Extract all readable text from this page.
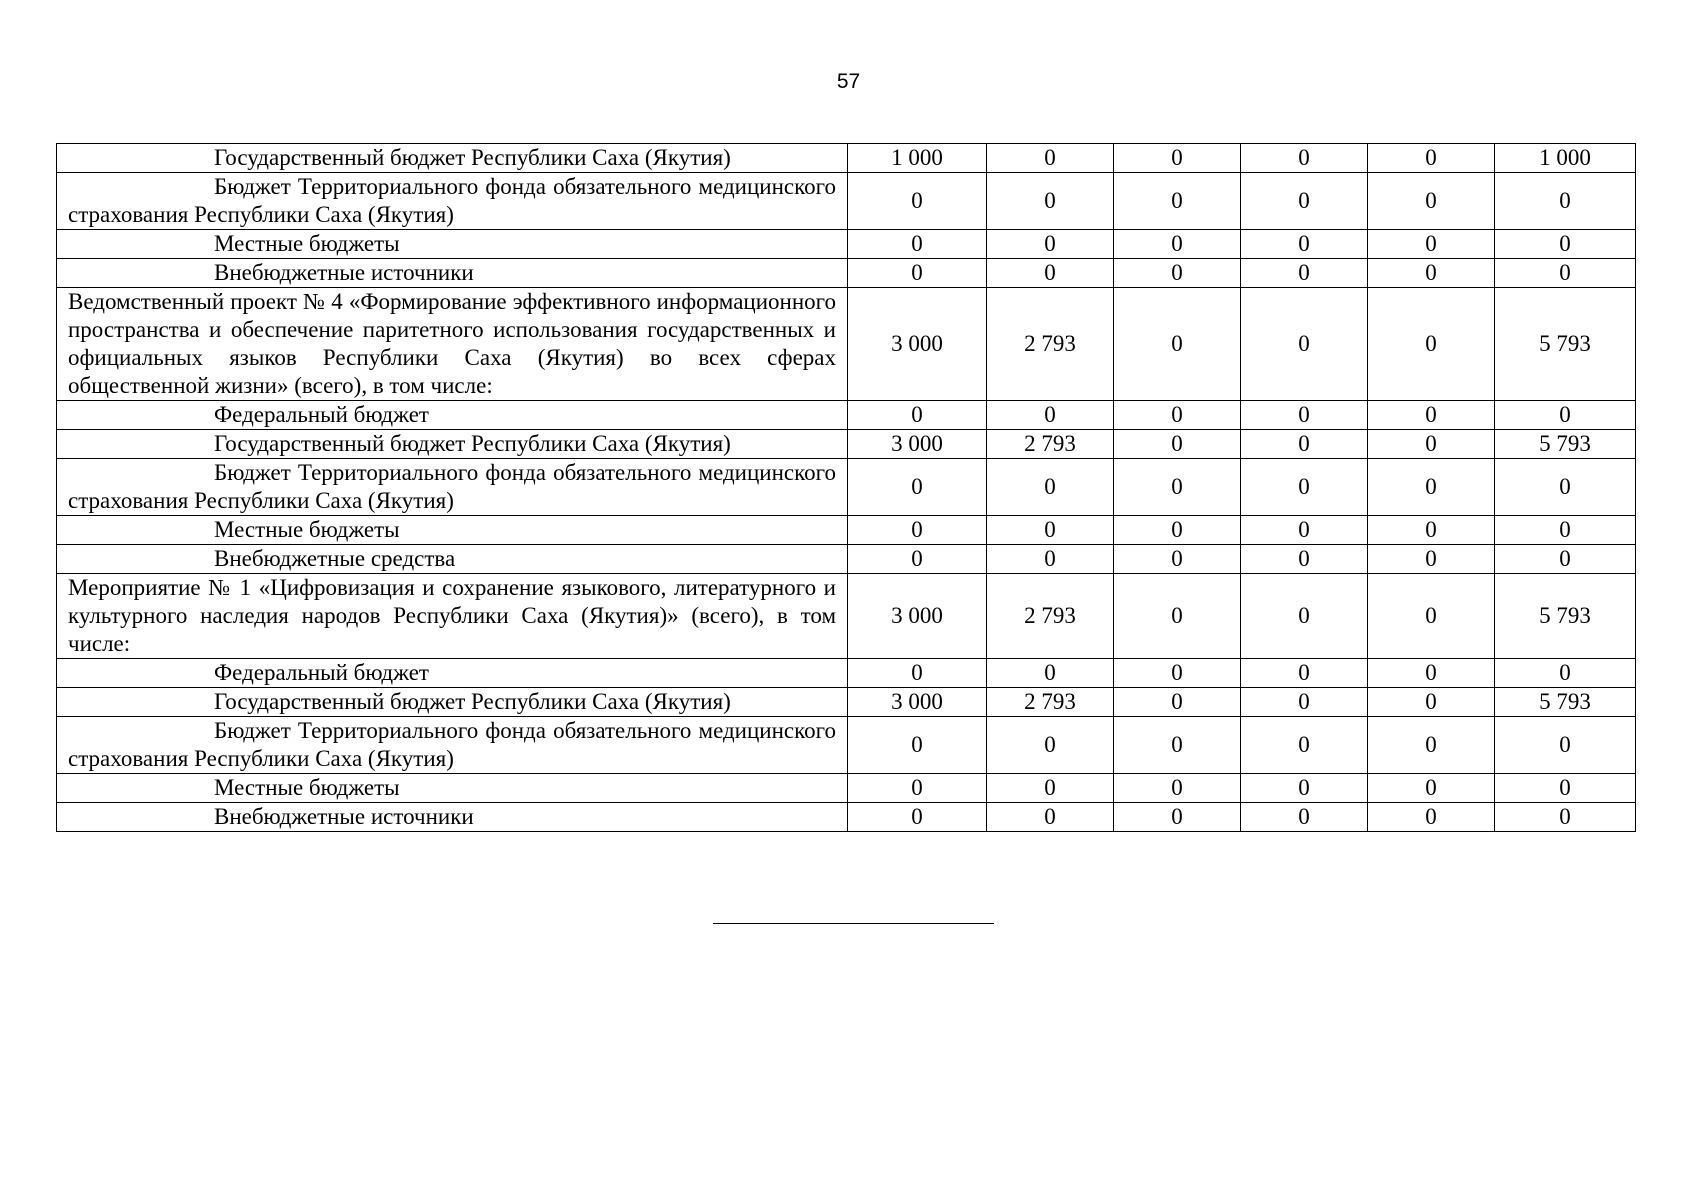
57
Государственный бюджет Республики Саха (Якутия)	1 000	0	0	0	0	1 000
Бюджет Территориального фонда обязательного медицинского страхования Республики Саха (Якутия)	0	0	0	0	0	0
Местные бюджеты	0	0	0	0	0	0
Внебюджетные источники	0	0	0	0	0	0
Ведомственный проект № 4 «Формирование эффективного информационного пространства и обеспечение паритетного использования государственных и официальных языков Республики Саха (Якутия) во всех сферах общественной жизни» (всего), в том числе:	3 000	2 793	0	0	0	5 793
Федеральный бюджет	0	0	0	0	0	0
Государственный бюджет Республики Саха (Якутия)	3 000	2 793	0	0	0	5 793
Бюджет Территориального фонда обязательного медицинского страхования Республики Саха (Якутия)	0	0	0	0	0	0
Местные бюджеты	0	0	0	0	0	0
Внебюджетные средства	0	0	0	0	0	0
Мероприятие № 1 «Цифровизация и сохранение языкового, литературного и культурного наследия народов Республики Саха (Якутия)» (всего), в том числе:	3 000	2 793	0	0	0	5 793
Федеральный бюджет	0	0	0	0	0	0
Государственный бюджет Республики Саха (Якутия)	3 000	2 793	0	0	0	5 793
Бюджет Территориального фонда обязательного медицинского страхования Республики Саха (Якутия)	0	0	0	0	0	0
Местные бюджеты	0	0	0	0	0	0
Внебюджетные источники	0	0	0	0	0	0
